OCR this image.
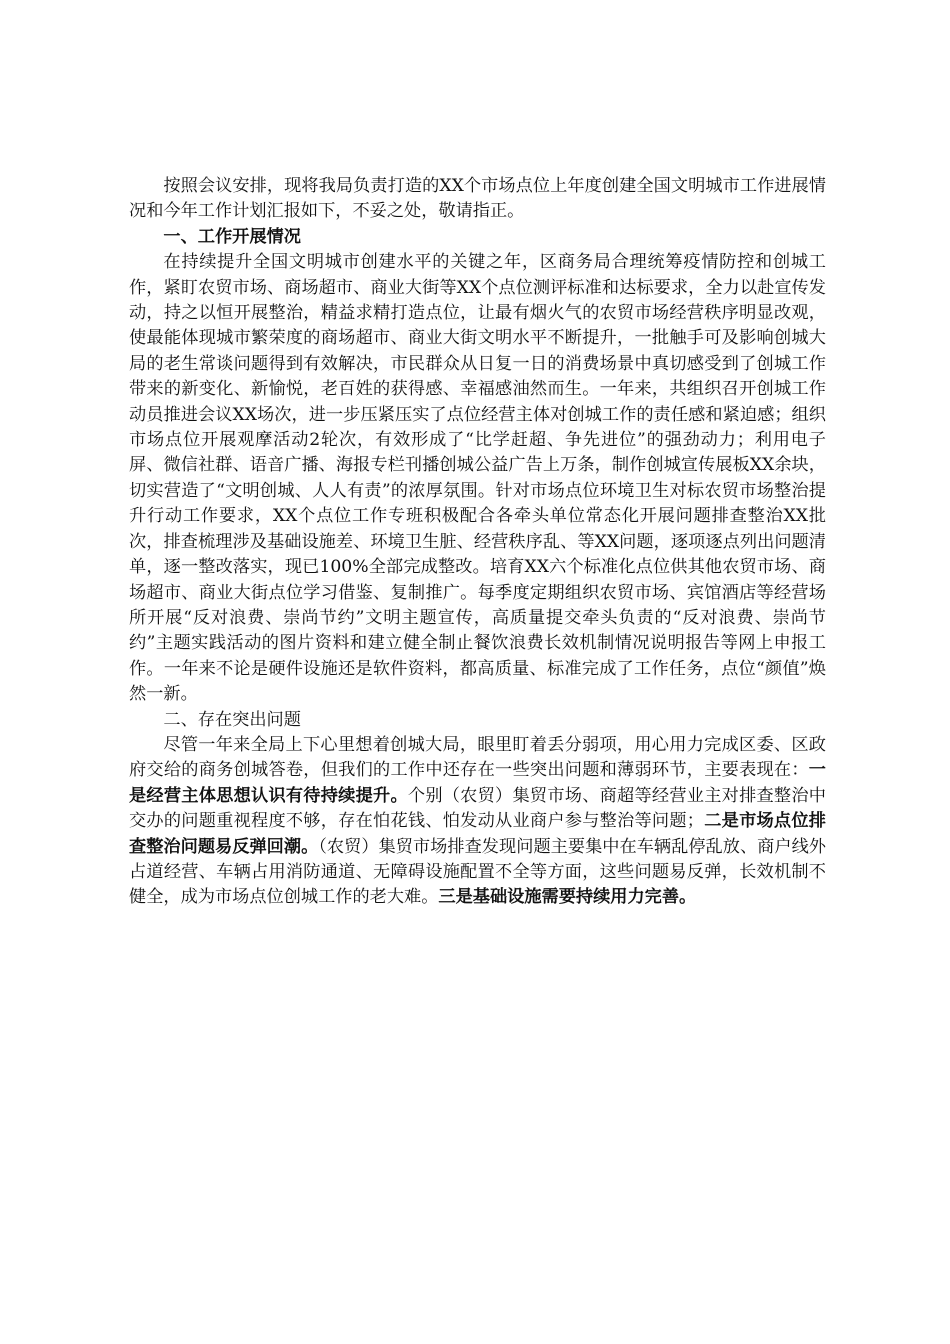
按照会议安排，现将我局负责打造的XX个市场点位上年度创建全国文明城市工作进展情况和今年工作计划汇报如下，不妥之处，敬请指正。

一、工作开展情况

在持续提升全国文明城市创建水平的关键之年，区商务局合理统筹疫情防控和创城工作，紧盯农贸市场、商场超市、商业大街等XX个点位测评标准和达标要求，全力以赴宣传发动，持之以恒开展整治，精益求精打造点位，让最有烟火气的农贸市场经营秩序明显改观，使最能体现城市繁荣度的商场超市、商业大街文明水平不断提升，一批触手可及影响创城大局的老生常谈问题得到有效解决，市民群众从日复一日的消费场景中真切感受到了创城工作带来的新变化、新愉悦，老百姓的获得感、幸福感油然而生。一年来，共组织召开创城工作动员推进会议XX场次，进一步压紧压实了点位经营主体对创城工作的责任感和紧迫感；组织市场点位开展观摩活动2轮次，有效形成了“比学赶超、争先进位”的强劲动力；利用电子屏、微信社群、语音广播、海报专栏刊播创城公益广告上万条，制作创城宣传展板XX余块，切实营造了“文明创城、人人有责”的浓厚氛围。针对市场点位环境卫生对标农贸市场整治提升行动工作要求，XX个点位工作专班积极配合各牵头单位常态化开展问题排查整治XX批次，排查梳理涉及基础设施差、环境卫生脏、经营秩序乱、等XX问题，逐项逐点列出问题清单，逐一整改落实，现已100%全部完成整改。培育XX六个标准化点位供其他农贸市场、商场超市、商业大街点位学习借鉴、复制推广。每季度定期组织农贸市场、宾馆酒店等经营场所开展“反对浪费、崇尚节约”文明主题宣传，高质量提交牵头负责的“反对浪费、崇尚节约”主题实践活动的图片资料和建立健全制止餐饮浪费长效机制情况说明报告等网上申报工作。一年来不论是硬件设施还是软件资料，都高质量、标准完成了工作任务，点位“颜值”焕然一新。

二、存在突出问题

尽管一年来全局上下心里想着创城大局，眼里盯着丢分弱项，用心用力完成区委、区政府交给的商务创城答卷，但我们的工作中还存在一些突出问题和薄弱环节，主要表现在：一是经营主体思想认识有待持续提升。个别（农贸）集贸市场、商超等经营业主对排查整治中交办的问题重视程度不够，存在怕花钱、怕发动从业商户参与整治等问题；二是市场点位排查整治问题易反弹回潮。（农贸）集贸市场排查发现问题主要集中在车辆乱停乱放、商户线外占道经营、车辆占用消防通道、无障碍设施配置不全等方面，这些问题易反弹，长效机制不健全，成为市场点位创城工作的老大难。三是基础设施需要持续用力完善。
